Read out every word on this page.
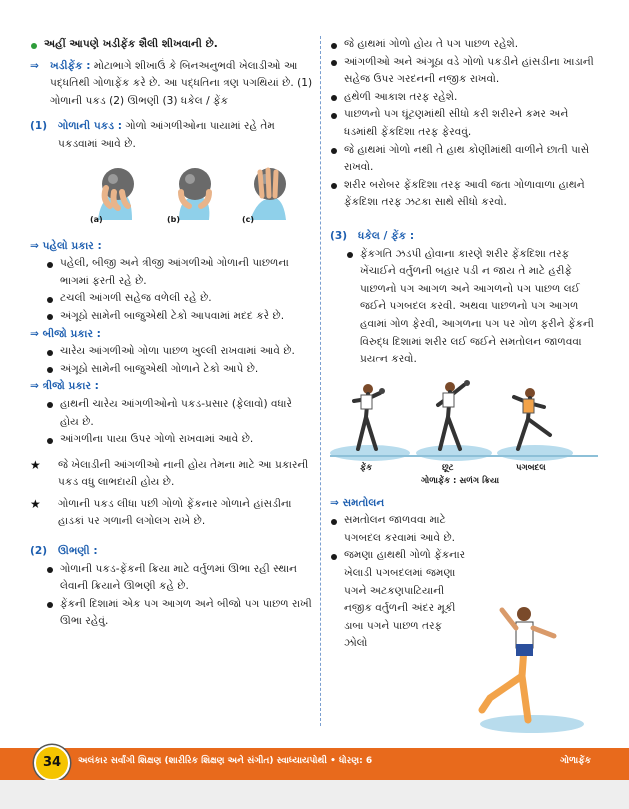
અહીં આપણે ખડીફેંક શૈલી શીખવાની છે.
⇒	ખડીફેંક : મોટાભાગે શીખાઉં કે બિનઅનુભવી ખેલાડીઓ આ પદ્ધતિથી ગોળાફેંક કરે છે. આ પદ્ધતિના ત્રણ પગથિયાં છે. (1) ગોળાની પકડ (2) ઊભણી (3) ધકેલ / ફેંક
(1)	ગોળાની પકડ : ગોળો આંગળીઓના પાયામાં રહે તેમ પકડવામાં આવે છે.
(a)	(b)	(c)
⇒ પહેલો પ્રકાર :
પહેલી, બીજી અને ત્રીજી આંગળીઓ ગોળાની પાછળના ભાગમાં ફરતી રહે છે.
ટચલી આંગળી સહેજ વળેલી રહે છે.
અંગૂઠો સામેની બાજુએથી ટેકો આપવામાં મદદ કરે છે.
⇒ બીજો પ્રકાર :
ચારેય આંગળીઓ ગોળા પાછળ ખુલ્લી રાખવામાં આવે છે.
અંગૂઠો સામેની બાજુએથી ગોળાને ટેકો આપે છે.
⇒ ત્રીજો પ્રકાર :
હાથની ચારેય આંગળીઓનો પકડ-પ્રસાર (ફેલાવો) વધારે હોય છે.
આંગળીના પાયા ઉપર ગોળો રાખવામાં આવે છે.
★	જે ખેલાડીની આંગળીઓ નાની હોય તેમના માટે આ પ્રકારની પકડ વધુ લાભદાયી હોય છે.
★	ગોળાની પકડ લીધા પછી ગોળો ફેંકનાર ગોળાને હાંસડીના હાડકાં પર ગળાની લગોલગ રાખે છે.
(2)	ઊભણી :
ગોળાની પકડ-ફેંકની ક્રિયા માટે વર્તુળમાં ઊભા રહી સ્થાન લેવાની ક્રિયાને ઊભણી કહે છે.
ફેંકની દિશામાં એક પગ આગળ અને બીજો પગ પાછળ રાખી ઊભા રહેવું.
જે હાથમાં ગોળો હોય તે પગ પાછળ રહેશે.
આંગળીઓ અને અંગૂઠા વડે ગોળો પકડીને હાંસડીના ખાડાની સહેજ ઉપર ગરદનની નજીક રાખવો.
હથેળી આકાશ તરફ રહેશે.
પાછળનો પગ ઘૂંટણમાંથી સીધો કરી શરીરને કમર અને ધડમાંથી ફેંકદિશા તરફ ફેરવવું.
જે હાથમાં ગોળો નથી તે હાથ કોણીમાંથી વાળીને છાતી પાસે રાખવો.
શરીર બરોબર ફેંકદિશા તરફ આવી જતા ગોળાવાળા હાથને ફેંકદિશા તરફ ઝટકા સાથે સીધો કરવો.
(3)	ધકેલ / ફેંક :
ફેંકગતિ ઝડપી હોવાના કારણે શરીર ફેંકદિશા તરફ ખેંચાઈને વર્તુળની બહાર પડી ન જાય તે માટે હરીફે પાછળનો પગ આગળ અને આગળનો પગ પાછળ લઈ જઈને પગબદલ કરવી. અથવા પાછળનો પગ આગળ હવામાં ગોળ ફેરવી, આગળના પગ પર ગોળ ફરીને ફેંકની વિરુદ્ધ દિશામાં શરીર લઈ જઈને સમતોલન જાળવવા પ્રયત્ન કરવો.
ફેંક	છૂટ	પગબદલ
ગોળાફેંક : સળંગ ક્રિયા
⇒ સમતોલન
સમતોલન જાળવવા માટે પગબદલ કરવામાં આવે છે.
જમણા હાથથી ગોળો ફેંકનાર ખેલાડી પગબદલમાં જમણા પગને અટકણપાટિયાની નજીક વર્તુળની અંદર મૂકી ડાબા પગને પાછળ તરફ ઝોલો
34	અલંકાર સર્વાંગી શિક્ષણ (શારીરિક શિક્ષણ અને સંગીત) સ્વાધ્યાયપોથી • ધોરણ: 6	ગોળાફેંક
